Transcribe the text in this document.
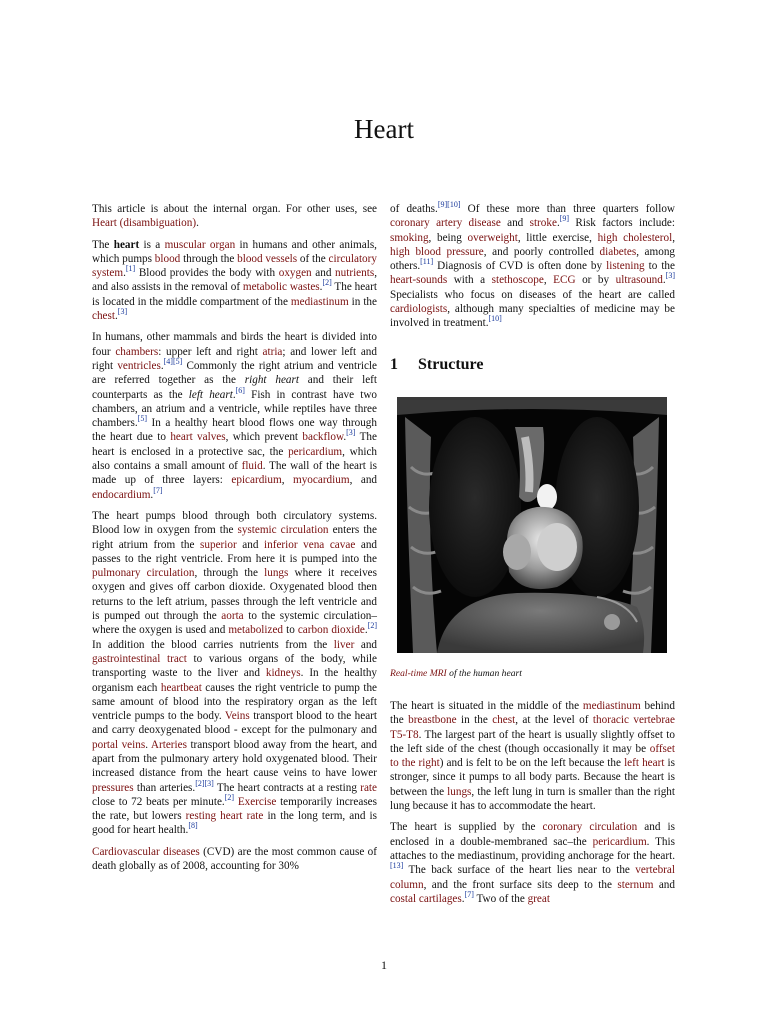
Heart

This article is about the internal organ. For other uses, see Heart (disambiguation).

The heart is a muscular organ in humans and other animals, which pumps blood through the blood vessels of the circulatory system.[1] Blood provides the body with oxygen and nutrients, and also assists in the removal of metabolic wastes.[2] The heart is located in the middle compartment of the mediastinum in the chest.[3]

In humans, other mammals and birds the heart is divided into four chambers: upper left and right atria; and lower left and right ventricles.[4][5] Commonly the right atrium and ventricle are referred together as the right heart and their left counterparts as the left heart.[6] Fish in contrast have two chambers, an atrium and a ventricle, while reptiles have three chambers.[5] In a healthy heart blood flows one way through the heart due to heart valves, which prevent backflow.[3] The heart is enclosed in a protective sac, the pericardium, which also contains a small amount of fluid. The wall of the heart is made up of three layers: epicardium, myocardium, and endocardium.[7]

The heart pumps blood through both circulatory systems. Blood low in oxygen from the systemic circulation enters the right atrium from the superior and inferior vena cavae and passes to the right ventricle. From here it is pumped into the pulmonary circulation, through the lungs where it receives oxygen and gives off carbon dioxide. Oxygenated blood then returns to the left atrium, passes through the left ventricle and is pumped out through the aorta to the systemic circulation–where the oxygen is used and metabolized to carbon dioxide.[2] In addition the blood carries nutrients from the liver and gastrointestinal tract to various organs of the body, while transporting waste to the liver and kidneys. In the healthy organism each heartbeat causes the right ventricle to pump the same amount of blood into the respiratory organ as the left ventricle pumps to the body. Veins transport blood to the heart and carry deoxygenated blood - except for the pulmonary and portal veins. Arteries transport blood away from the heart, and apart from the pulmonary artery hold oxygenated blood. Their increased distance from the heart cause veins to have lower pressures than arteries.[2][3] The heart contracts at a resting rate close to 72 beats per minute.[2] Exercise temporarily increases the rate, but lowers resting heart rate in the long term, and is good for heart health.[8]

Cardiovascular diseases (CVD) are the most common cause of death globally as of 2008, accounting for 30%

of deaths.[9][10] Of these more than three quarters follow coronary artery disease and stroke.[9] Risk factors include: smoking, being overweight, little exercise, high cholesterol, high blood pressure, and poorly controlled diabetes, among others.[11] Diagnosis of CVD is often done by listening to the heart-sounds with a stethoscope, ECG or by ultrasound.[3] Specialists who focus on diseases of the heart are called cardiologists, although many specialties of medicine may be involved in treatment.[10]

1 Structure
Real-time MRI of the human heart

The heart is situated in the middle of the mediastinum behind the breastbone in the chest, at the level of thoracic vertebrae T5-T8. The largest part of the heart is usually slightly offset to the left side of the chest (though occasionally it may be offset to the right) and is felt to be on the left because the left heart is stronger, since it pumps to all body parts. Because the heart is between the lungs, the left lung in turn is smaller than the right lung because it has to accommodate the heart.

The heart is supplied by the coronary circulation and is enclosed in a double-membraned sac–the pericardium. This attaches to the mediastinum, providing anchorage for the heart.[13] The back surface of the heart lies near to the vertebral column, and the front surface sits deep to the sternum and costal cartilages.[7] Two of the great

1
